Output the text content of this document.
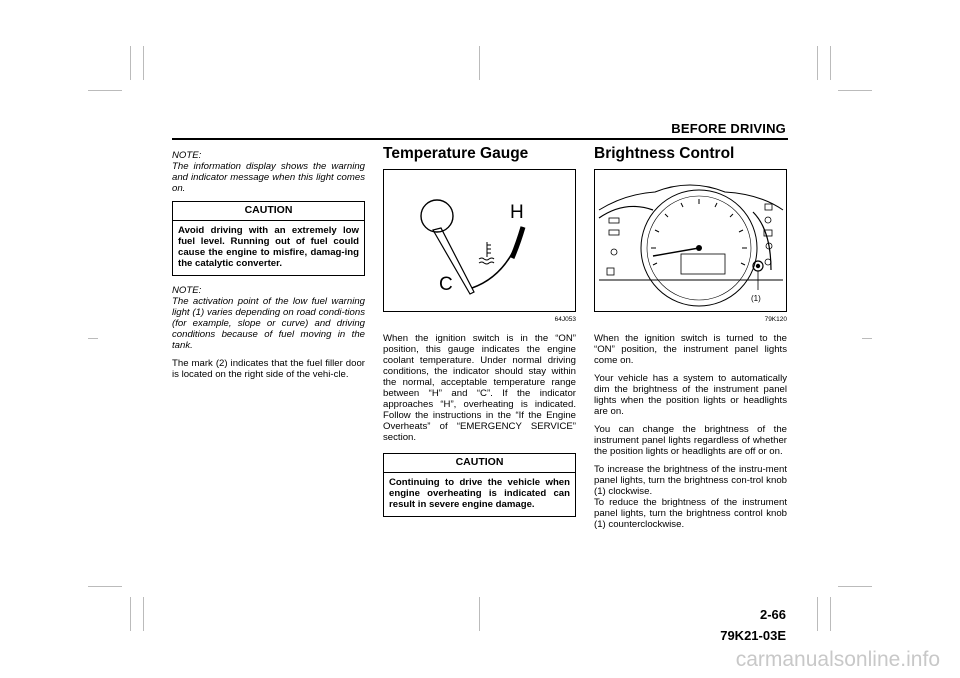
BEFORE DRIVING

NOTE:
The information display shows the warning and indicator message when this light comes on.

CAUTION
Avoid driving with an extremely low fuel level. Running out of fuel could cause the engine to misfire, damag-ing the catalytic converter.

NOTE:
The activation point of the low fuel warning light (1) varies depending on road condi-tions (for example, slope or curve) and driving conditions because of fuel moving in the tank.

The mark (2) indicates that the fuel filler door is located on the right side of the vehi-cle.

Temperature Gauge
H
C
64J053

When the ignition switch is in the “ON” position, this gauge indicates the engine coolant temperature. Under normal driving conditions, the indicator should stay within the normal, acceptable temperature range between “H” and “C”. If the indicator approaches “H”, overheating is indicated. Follow the instructions in the “If the Engine Overheats” of “EMERGENCY SERVICE” section.

CAUTION
Continuing to drive the vehicle when engine overheating is indicated can result in severe engine damage.
Brightness Control
(1)
79K120

When the ignition switch is turned to the “ON” position, the instrument panel lights come on.

Your vehicle has a system to automatically dim the brightness of the instrument panel lights when the position lights or headlights are on.

You can change the brightness of the instrument panel lights regardless of whether the position lights or headlights are off or on.

To increase the brightness of the instru-ment panel lights, turn the brightness con-trol knob (1) clockwise.
To reduce the brightness of the instrument panel lights, turn the brightness control knob (1) counterclockwise.

2-66
79K21-03E
carmanualsonline.info
